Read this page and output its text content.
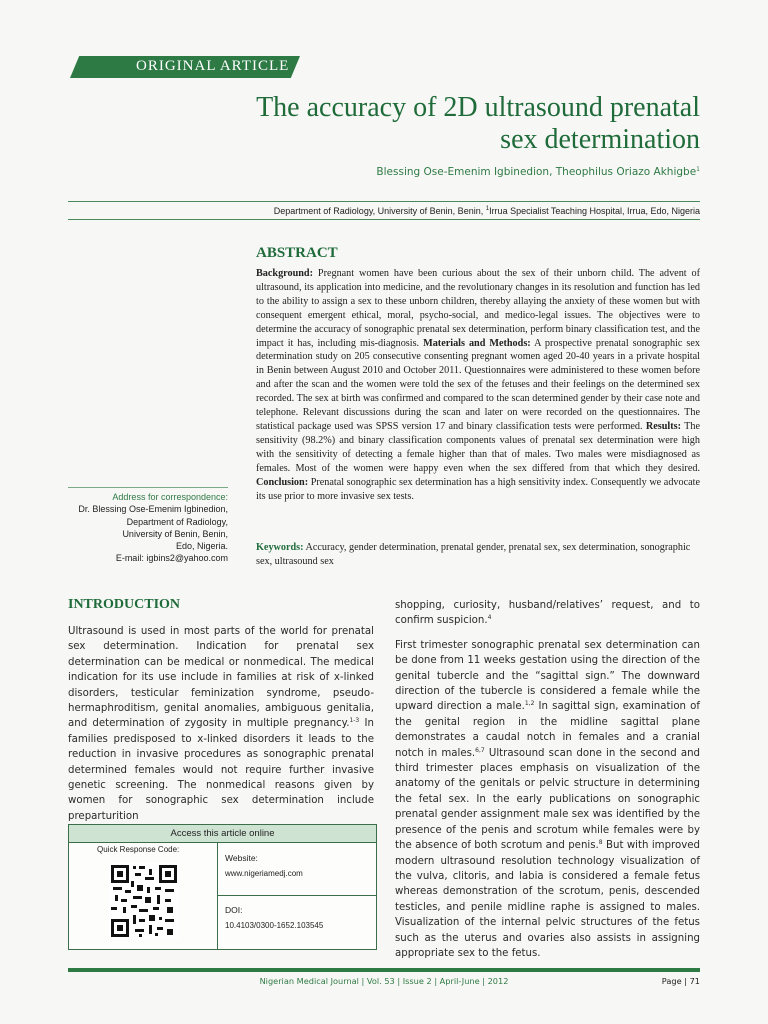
ORIGINAL ARTICLE
The accuracy of 2D ultrasound prenatal
sex determination
Blessing Ose-Emenim Igbinedion, Theophilus Oriazo Akhigbe$^1$
Department of Radiology, University of Benin, Benin, $^1$Irrua Specialist Teaching Hospital, Irrua, Edo, Nigeria
ABSTRACT
Background: Pregnant women have been curious about the sex of their unborn child. The advent of ultrasound, its application into medicine, and the revolutionary changes in its resolution and function has led to the ability to assign a sex to these unborn children, thereby allaying the anxiety of these women but with consequent emergent ethical, moral, psycho-social, and medico-legal issues. The objectives were to determine the accuracy of sonographic prenatal sex determination, perform binary classification test, and the impact it has, including mis-diagnosis. Materials and Methods: A prospective prenatal sonographic sex determination study on 205 consecutive consenting pregnant women aged 20-40 years in a private hospital in Benin between August 2010 and October 2011. Questionnaires were administered to these women before and after the scan and the women were told the sex of the fetuses and their feelings on the determined sex recorded. The sex at birth was confirmed and compared to the scan determined gender by their case note and telephone. Relevant discussions during the scan and later on were recorded on the questionnaires. The statistical package used was SPSS version 17 and binary classification tests were performed. Results: The sensitivity (98.2%) and binary classification components values of prenatal sex determination were high with the sensitivity of detecting a female higher than that of males. Two males were misdiagnosed as females. Most of the women were happy even when the sex differed from that which they desired. Conclusion: Prenatal sonographic sex determination has a high sensitivity index. Consequently we advocate its use prior to more invasive sex tests.
Keywords: Accuracy, gender determination, prenatal gender, prenatal sex, sex determination, sonographic sex, ultrasound sex
Address for correspondence:
Dr. Blessing Ose-Emenim Igbinedion,
Department of Radiology,
University of Benin, Benin,
Edo, Nigeria.
E-mail: igbins2@yahoo.com
INTRODUCTION

Ultrasound is used in most parts of the world for prenatal sex determination. Indication for prenatal sex determination can be medical or nonmedical. The medical indication for its use include in families at risk of x-linked disorders, testicular feminization syndrome, pseudo-hermaphroditism, genital anomalies, ambiguous genitalia, and determination of zygosity in multiple pregnancy.$^{1-3}$ In families predisposed to x-linked disorders it leads to the reduction in invasive procedures as sonographic prenatal determined females would not require further invasive genetic screening. The nonmedical reasons given by women for sonographic sex determination include preparturition

shopping, curiosity, husband/relatives’ request, and to confirm suspicion.$^4$

First trimester sonographic prenatal sex determination can be done from 11 weeks gestation using the direction of the genital tubercle and the “sagittal sign.” The downward direction of the tubercle is considered a female while the upward direction a male.$^{1,2}$ In sagittal sign, examination of the genital region in the midline sagittal plane demonstrates a caudal notch in females and a cranial notch in males.$^{6,7}$ Ultrasound scan done in the second and third trimester places emphasis on visualization of the anatomy of the genitals or pelvic structure in determining the fetal sex. In the early publications on sonographic prenatal gender assignment male sex was identified by the presence of the penis and scrotum while females were by the absence of both scrotum and penis.$^8$ But with improved modern ultrasound resolution technology visualization of the vulva, clitoris, and labia is considered a female fetus whereas demonstration of the scrotum, penis, descended testicles, and penile midline raphe is assigned to males. Visualization of the internal pelvic structures of the fetus such as the uterus and ovaries also assists in assigning appropriate sex to the fetus.

Access this article online
Quick Response Code:
Website:
www.nigeriamedj.com
DOI:
10.4103/0300-1652.103545
Nigerian Medical Journal | Vol. 53 | Issue 2 | April-June | 2012	Page | 71
